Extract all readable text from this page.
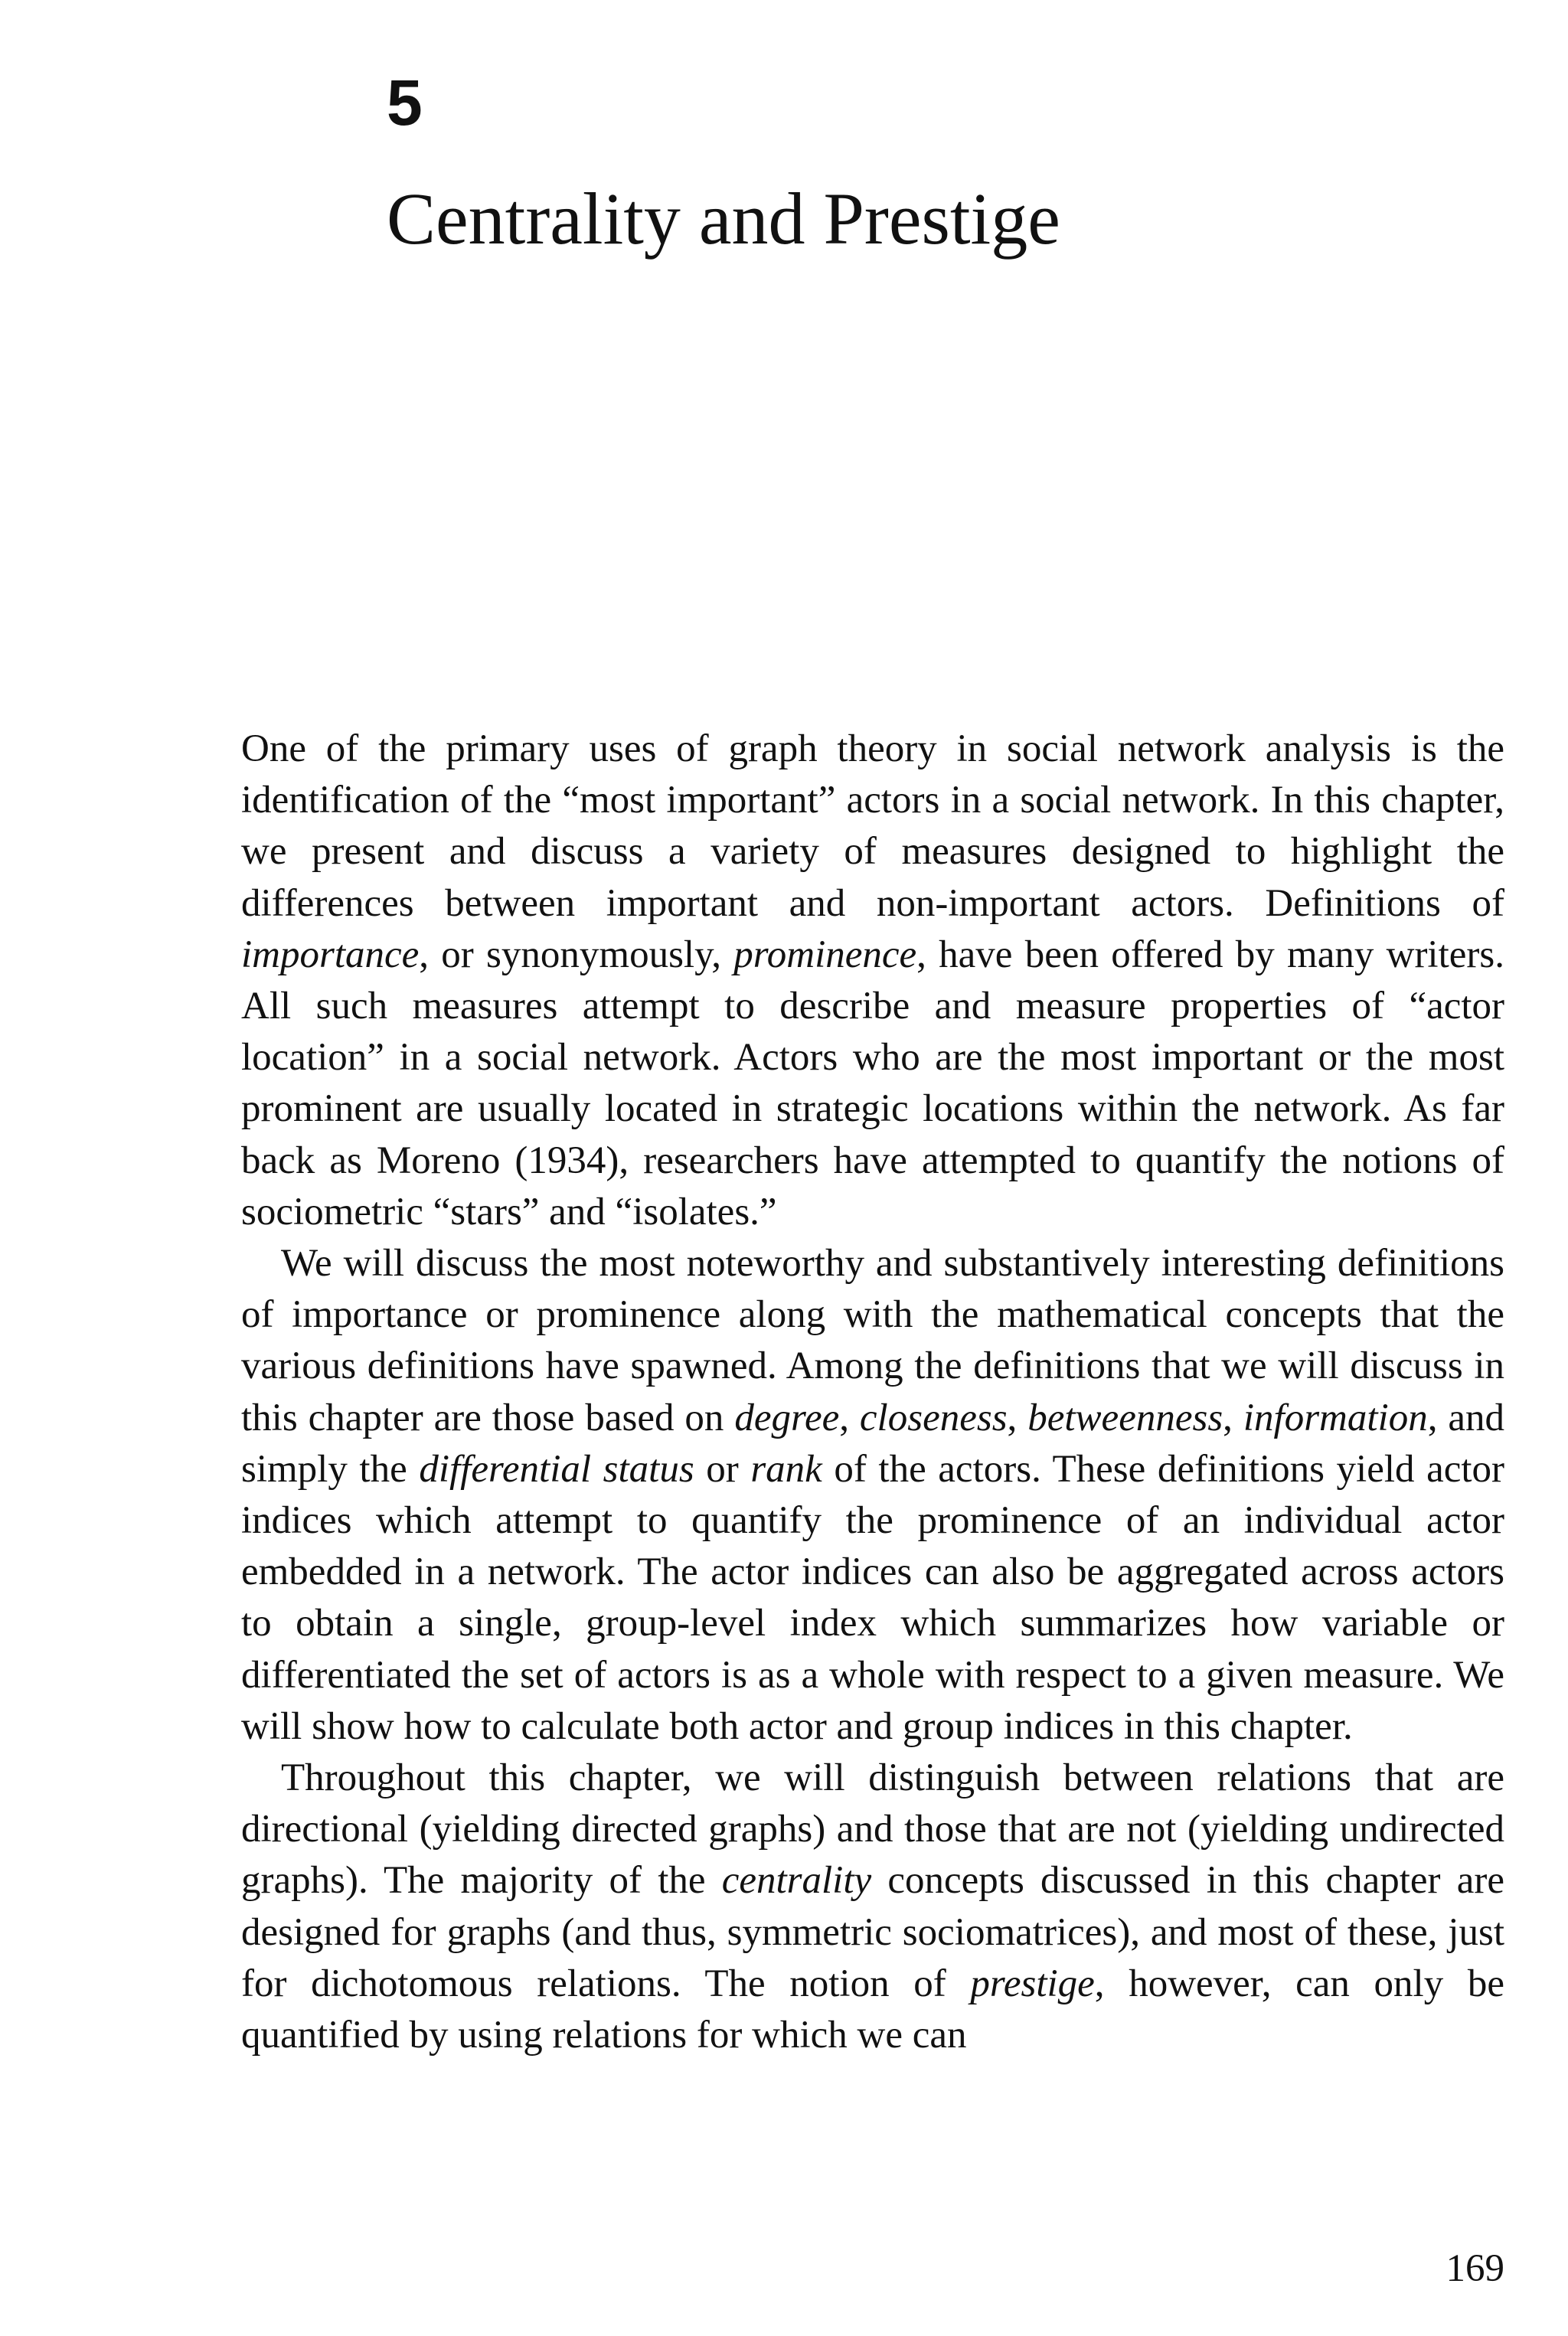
5
Centrality and Prestige

One of the primary uses of graph theory in social network analysis is the identification of the “most important” actors in a social network. In this chapter, we present and discuss a variety of measures designed to highlight the differences between important and non-important actors. Definitions of importance, or synonymously, prominence, have been offered by many writers. All such measures attempt to describe and measure properties of “actor location” in a social network. Actors who are the most important or the most prominent are usually located in strategic locations within the network. As far back as Moreno (1934), researchers have attempted to quantify the notions of sociometric “stars” and “isolates.”

We will discuss the most noteworthy and substantively interesting definitions of importance or prominence along with the mathematical concepts that the various definitions have spawned. Among the definitions that we will discuss in this chapter are those based on degree, closeness, betweenness, information, and simply the differential status or rank of the actors. These definitions yield actor indices which attempt to quantify the prominence of an individual actor embedded in a network. The actor indices can also be aggregated across actors to obtain a single, group-level index which summarizes how variable or differentiated the set of actors is as a whole with respect to a given measure. We will show how to calculate both actor and group indices in this chapter.

Throughout this chapter, we will distinguish between relations that are directional (yielding directed graphs) and those that are not (yielding undirected graphs). The majority of the centrality concepts discussed in this chapter are designed for graphs (and thus, symmetric sociomatrices), and most of these, just for dichotomous relations. The notion of prestige, however, can only be quantified by using relations for which we can

169
